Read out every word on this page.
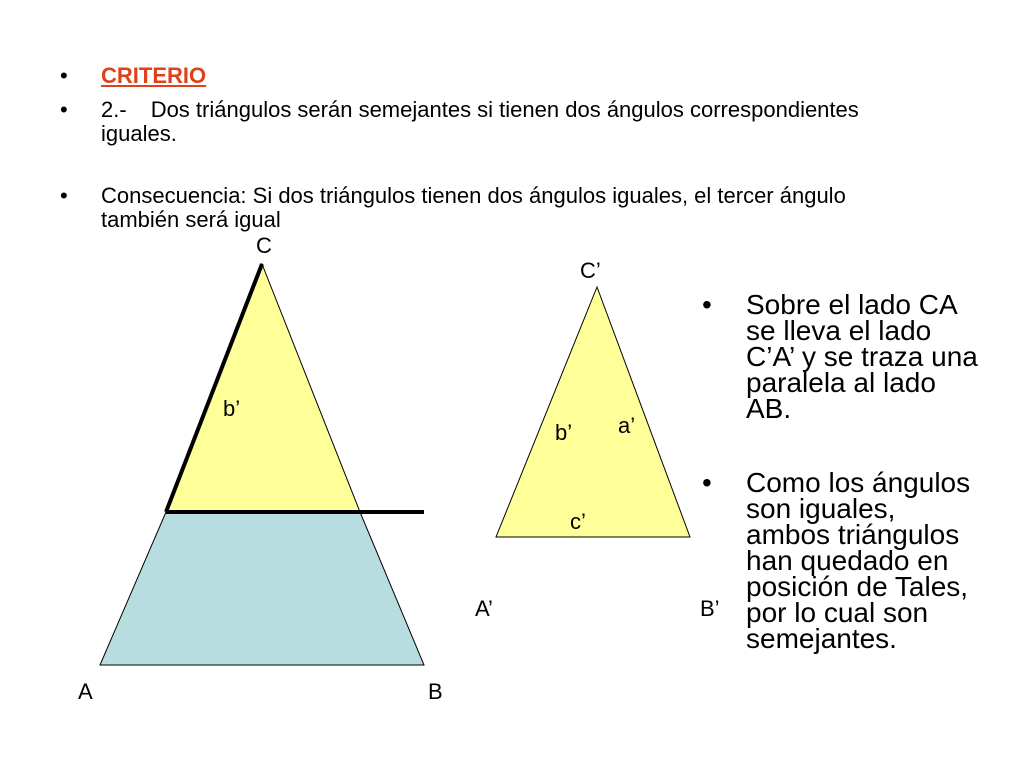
• CRITERIO
• 2.- Dos triángulos serán semejantes si tienen dos ángulos correspondientes iguales.
• Consecuencia: Si dos triángulos tienen dos ángulos iguales, el tercer ángulo también será igual
C
b’
A	B
C’
a’
b’
c’
A’	B’
• Sobre el lado CA se lleva el lado C’A’ y se traza una paralela al lado AB.
• Como los ángulos son iguales, ambos triángulos han quedado en posición de Tales, por lo cual son semejantes.
